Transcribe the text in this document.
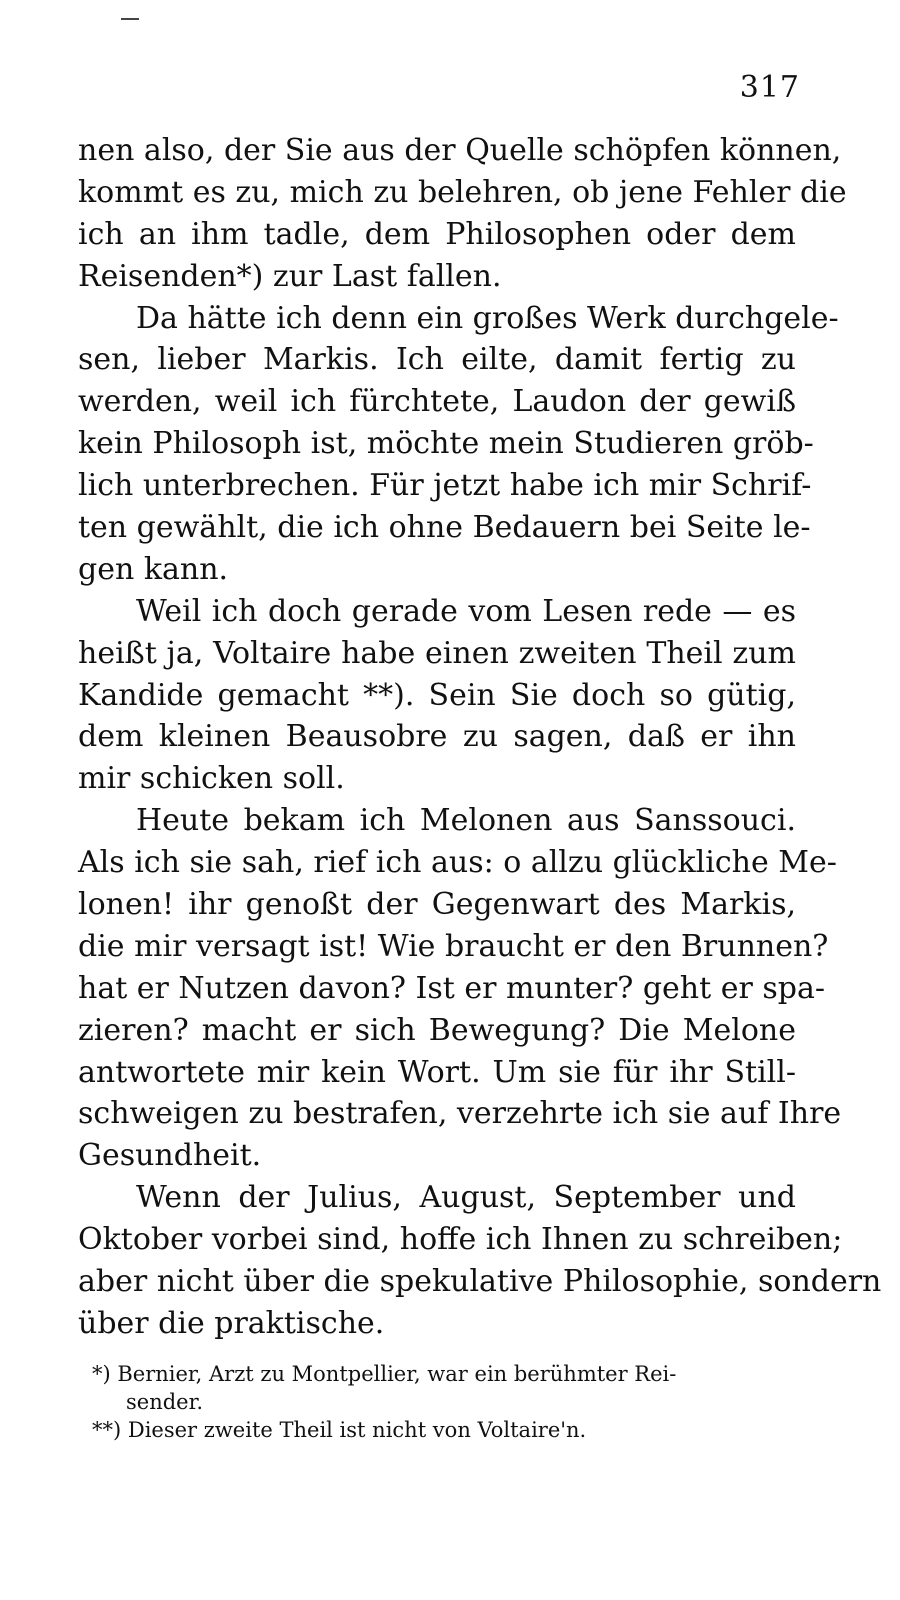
317
nen also, der Sie aus der Quelle schöpfen können,
kommt es zu, mich zu belehren, ob jene Fehler die
ich an ihm tadle, dem Philosophen oder dem
Reisenden*) zur Last fallen.
Da hätte ich denn ein großes Werk durchgele-
sen, lieber Markis. Ich eilte, damit fertig zu
werden, weil ich fürchtete, Laudon der gewiß
kein Philosoph ist, möchte mein Studieren gröb-
lich unterbrechen. Für jetzt habe ich mir Schrif-
ten gewählt, die ich ohne Bedauern bei Seite le-
gen kann.
Weil ich doch gerade vom Lesen rede — es
heißt ja, Voltaire habe einen zweiten Theil zum
Kandide gemacht **). Sein Sie doch so gütig,
dem kleinen Beausobre zu sagen, daß er ihn
mir schicken soll.
Heute bekam ich Melonen aus Sanssouci.
Als ich sie sah, rief ich aus: o allzu glückliche Me-
lonen! ihr genoßt der Gegenwart des Markis,
die mir versagt ist! Wie braucht er den Brunnen?
hat er Nutzen davon? Ist er munter? geht er spa-
zieren? macht er sich Bewegung? Die Melone
antwortete mir kein Wort. Um sie für ihr Still-
schweigen zu bestrafen, verzehrte ich sie auf Ihre
Gesundheit.
Wenn der Julius, August, September und
Oktober vorbei sind, hoffe ich Ihnen zu schreiben;
aber nicht über die spekulative Philosophie, sondern
über die praktische.
*) Bernier, Arzt zu Montpellier, war ein berühmter Rei-
sender.
**) Dieser zweite Theil ist nicht von Voltaire'n.
